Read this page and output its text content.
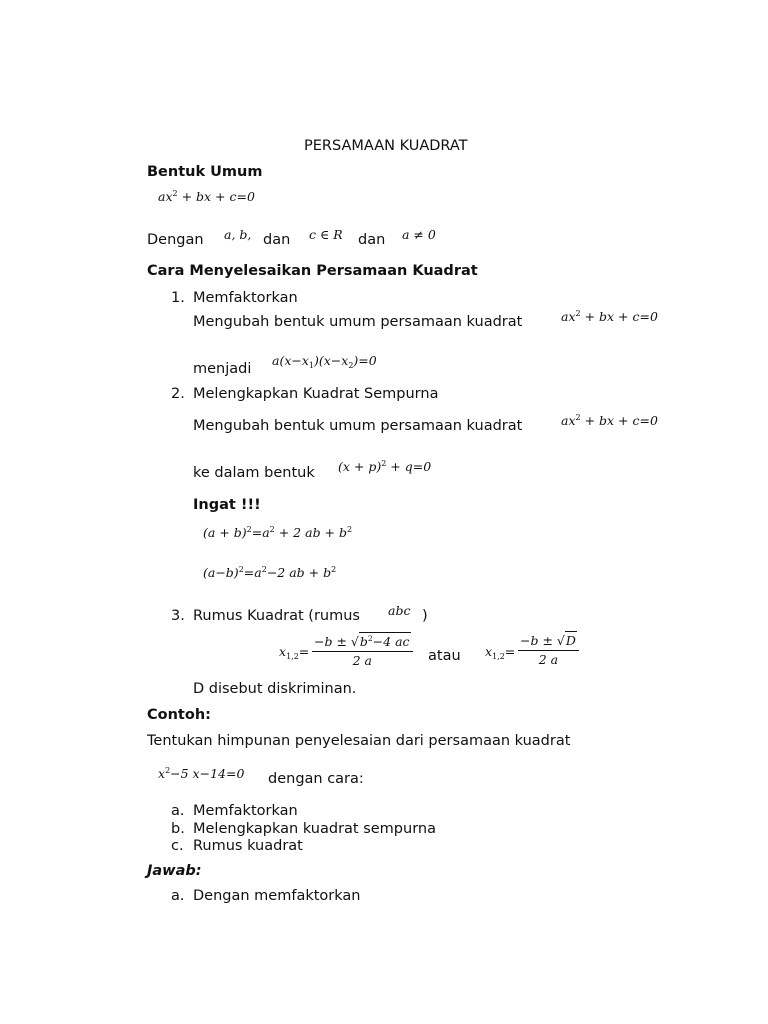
PERSAMAAN KUADRAT
Bentuk Umum
$ax^2$ + bx + c=0
Dengan a, b, dan c ∈ R dan a ≠ 0
Cara Menyelesaikan Persamaan Kuadrat
1. Memfaktorkan
Mengubah bentuk umum persamaan kuadrat	$ax^2$ + bx + c=0
menjadi
$a(x-x_1)(x-x_2)=0$
2. Melengkapkan Kuadrat Sempurna
Mengubah bentuk umum persamaan kuadrat	$ax^2$ + bx + c=0
ke dalam bentuk $(x + p)^2 + q=0$
Ingat !!!
$(a + b)^2=a^2 + 2$ ab + $b^2$
$(a-b)^2=a^2-2$ ab + $b^2$
3. Rumus Kuadrat (rumus abc )
$x_{1,2}= \frac{-b \pm √b^2-4 ac}{2 a}$ atau $x_{1,2}= \frac{-b \pm √D}{2 a}$
D disebut diskriminan.
Contoh:
Tentukan himpunan penyelesaian dari persamaan kuadrat
$x^2-5$ x−14=0 dengan cara:
a. Memfaktorkan
b. Melengkapkan kuadrat sempurna
c. Rumus kuadrat
Jawab:
a. Dengan memfaktorkan
